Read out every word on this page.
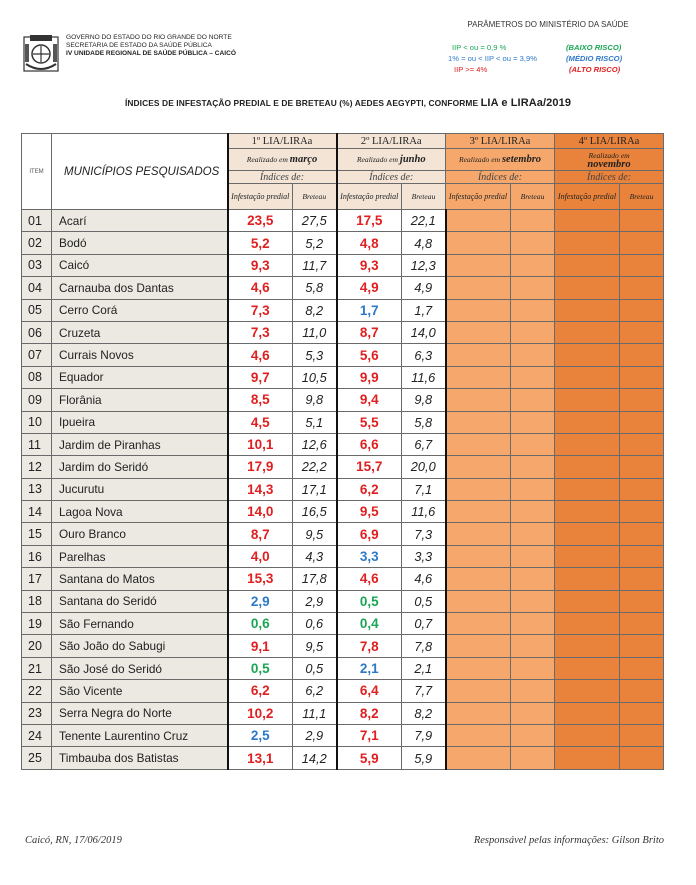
GOVERNO DO ESTADO DO RIO GRANDE DO NORTE
SECRETARIA DE ESTADO DA SAÚDE PÚBLICA
IV UNIDADE REGIONAL DE SAÚDE PÚBLICA – CAICÓ
PARÂMETROS DO MINISTÉRIO DA SAÚDE
IIP < ou = 0,9 %	(BAIXO RISCO)
1% = ou < IIP < ou = 3,9%	(MÉDIO RISCO)
IIP >= 4%	(ALTO RISCO)
ÍNDICES DE INFESTAÇÃO PREDIAL E DE BRETEAU (%) AEDES AEGYPTI, CONFORME LIA e LIRAa/2019
ITEM	MUNICÍPIOS PESQUISADOS	1º LIA/LIRAa		2º LIA/LIRAa		3º LIA/LIRAa		4º LIA/LIRAa	
		Realizado em março		Realizado em junho		Realizado em setembro		Realizado em
novembro	
		Índices de:		Índices de:		Índices de:		Índices de:	
		Infestação predial	Breteau	Infestação predial	Breteau	Infestação predial	Breteau	Infestação predial	Breteau
01	Acarí	23,5	27,5	17,5	22,1				
02	Bodó	5,2	5,2	4,8	4,8				
03	Caicó	9,3	11,7	9,3	12,3				
04	Carnauba dos Dantas	4,6	5,8	4,9	4,9				
05	Cerro Corá	7,3	8,2	1,7	1,7				
06	Cruzeta	7,3	11,0	8,7	14,0				
07	Currais Novos	4,6	5,3	5,6	6,3				
08	Equador	9,7	10,5	9,9	11,6				
09	Florânia	8,5	9,8	9,4	9,8				
10	Ipueira	4,5	5,1	5,5	5,8				
11	Jardim de Piranhas	10,1	12,6	6,6	6,7				
12	Jardim do Seridó	17,9	22,2	15,7	20,0				
13	Jucurutu	14,3	17,1	6,2	7,1				
14	Lagoa Nova	14,0	16,5	9,5	11,6				
15	Ouro Branco	8,7	9,5	6,9	7,3				
16	Parelhas	4,0	4,3	3,3	3,3				
17	Santana do Matos	15,3	17,8	4,6	4,6				
18	Santana do Seridó	2,9	2,9	0,5	0,5				
19	São Fernando	0,6	0,6	0,4	0,7				
20	São João do Sabugi	9,1	9,5	7,8	7,8				
21	São José do Seridó	0,5	0,5	2,1	2,1				
22	São Vicente	6,2	6,2	6,4	7,7				
23	Serra Negra do Norte	10,2	11,1	8,2	8,2				
24	Tenente Laurentino Cruz	2,5	2,9	7,1	7,9				
25	Timbauba dos Batistas	13,1	14,2	5,9	5,9				
Caicó, RN, 17/06/2019	Responsável pelas informações: Gilson Brito
